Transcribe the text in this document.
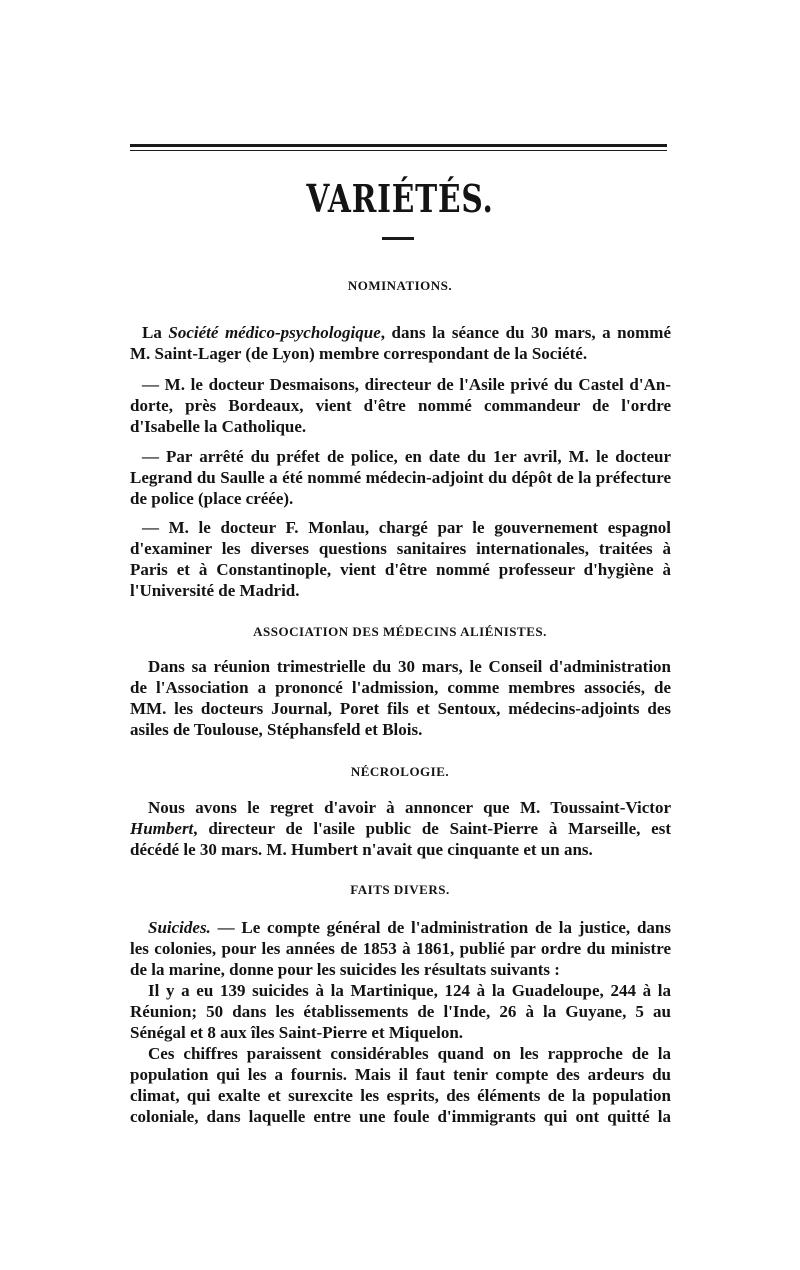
VARIÉTÉS.
NOMINATIONS.
La Société médico-psychologique, dans la séance du 30 mars, a nommé
M. Saint-Lager (de Lyon) membre correspondant de la Société.
— M. le docteur Desmaisons, directeur de l'Asile privé du Castel d'An-
dorte, près Bordeaux, vient d'être nommé commandeur de l'ordre
d'Isabelle la Catholique.
— Par arrêté du préfet de police, en date du 1er avril, M. le docteur
Legrand du Saulle a été nommé médecin-adjoint du dépôt de la préfecture
de police (place créée).
— M. le docteur F. Monlau, chargé par le gouvernement espagnol
d'examiner les diverses questions sanitaires internationales, traitées à
Paris et à Constantinople, vient d'être nommé professeur d'hygiène à
l'Université de Madrid.
ASSOCIATION DES MÉDECINS ALIÉNISTES.
Dans sa réunion trimestrielle du 30 mars, le Conseil d'administration
de l'Association a prononcé l'admission, comme membres associés, de
MM. les docteurs Journal, Poret fils et Sentoux, médecins-adjoints des
asiles de Toulouse, Stéphansfeld et Blois.
NÉCROLOGIE.
Nous avons le regret d'avoir à annoncer que M. Toussaint-Victor
Humbert, directeur de l'asile public de Saint-Pierre à Marseille, est
décédé le 30 mars. M. Humbert n'avait que cinquante et un ans.
FAITS DIVERS.
Suicides. — Le compte général de l'administration de la justice, dans
les colonies, pour les années de 1853 à 1861, publié par ordre du ministre
de la marine, donne pour les suicides les résultats suivants :
Il y a eu 139 suicides à la Martinique, 124 à la Guadeloupe, 244 à la
Réunion; 50 dans les établissements de l'Inde, 26 à la Guyane, 5 au
Sénégal et 8 aux îles Saint-Pierre et Miquelon.
Ces chiffres paraissent considérables quand on les rapproche de la
population qui les a fournis. Mais il faut tenir compte des ardeurs du
climat, qui exalte et surexcite les esprits, des éléments de la population
coloniale, dans laquelle entre une foule d'immigrants qui ont quitté la
